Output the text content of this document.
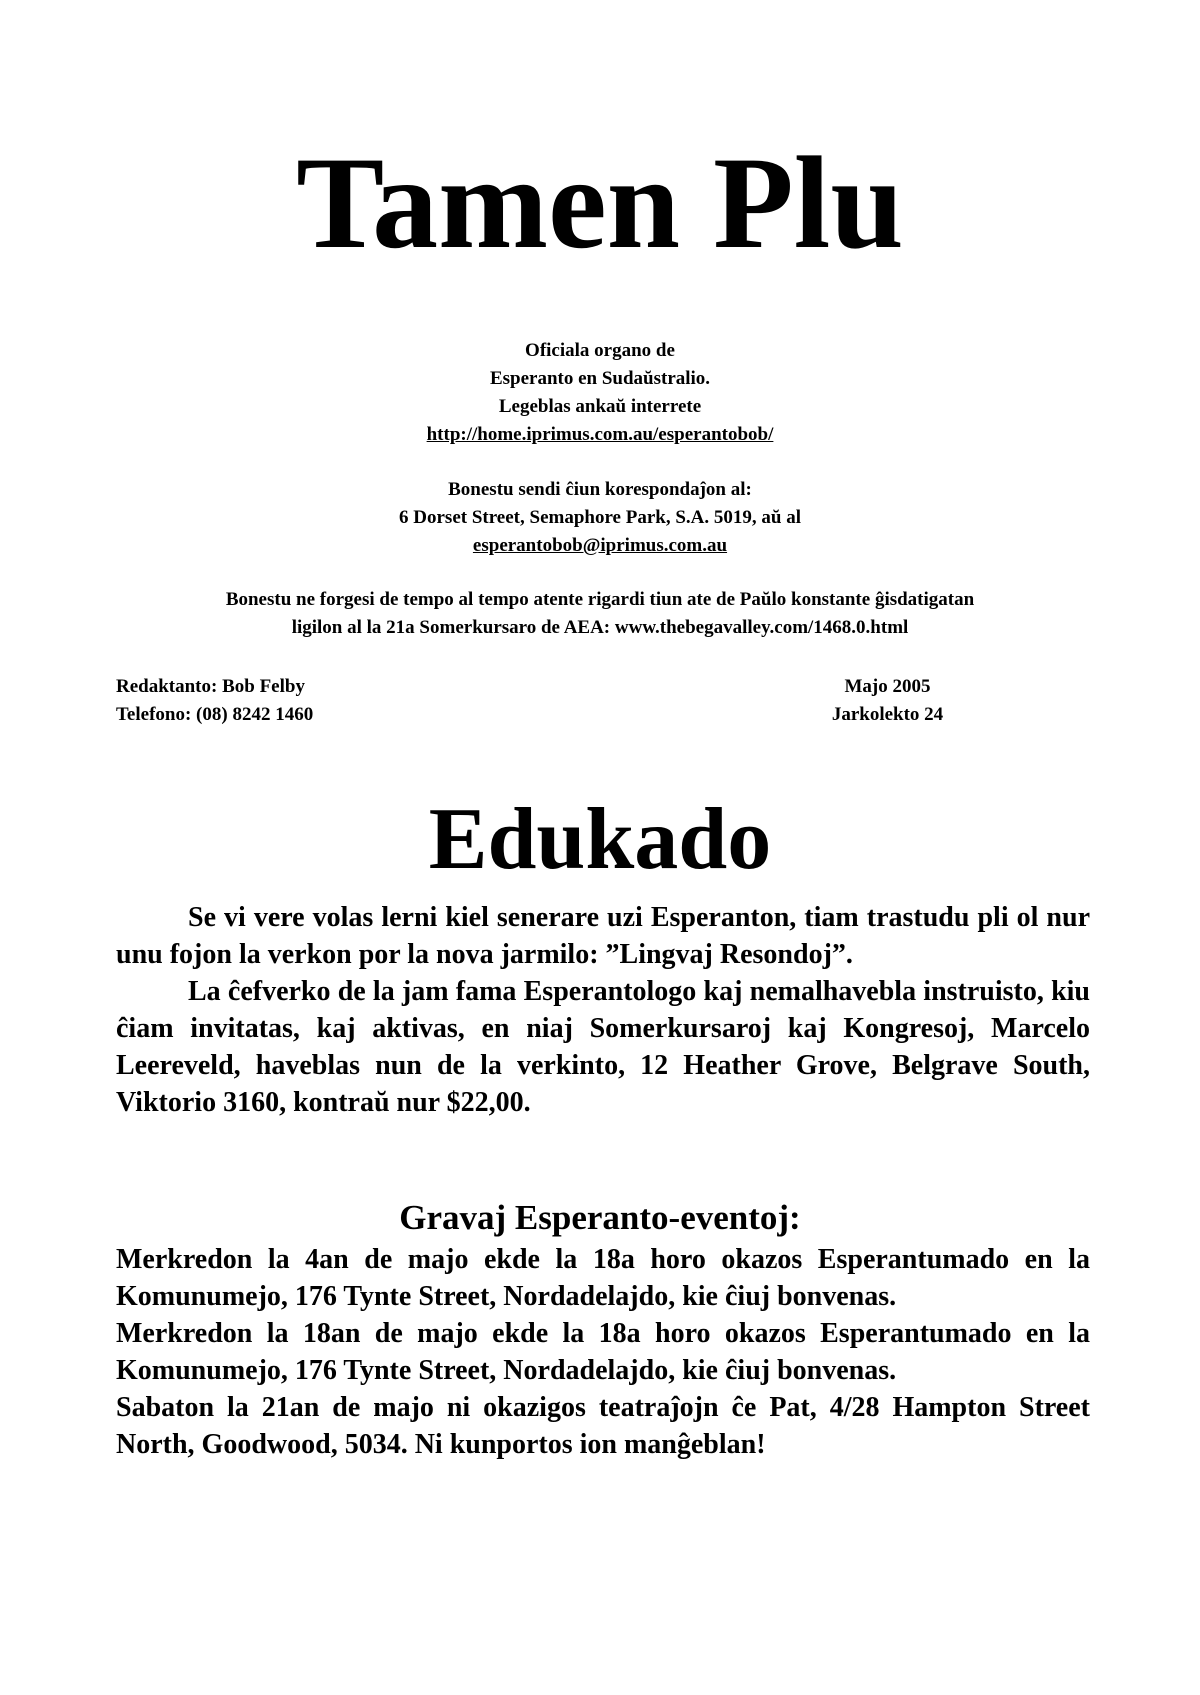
Tamen Plu

Oficiala organo de

Esperanto en Sudaŭstralio.

Legeblas ankaŭ interrete

http://home.iprimus.com.au/esperantobob/

Bonestu sendi ĉiun korespondaĵon al:

6 Dorset Street, Semaphore Park, S.A. 5019, aŭ al

esperantobob@iprimus.com.au

Bonestu ne forgesi de tempo al tempo atente rigardi tiun ate de Paŭlo konstante ĝisdatigatan

ligilon al la 21a Somerkursaro de AEA: www.thebegavalley.com/1468.0.html

Redaktanto: Bob Felby
Telefono: (08) 8242 1460
Majo 2005
Jarkolekto 24
Edukado

Se vi vere volas lerni kiel senerare uzi Esperanton, tiam trastudu pli ol nur unu fojon la verkon por la nova jarmilo: ”Lingvaj Resondoj”.

La ĉefverko de la jam fama Esperantologo kaj nemalhavebla instruisto, kiu ĉiam invitatas, kaj aktivas, en niaj Somerkursaroj kaj Kongresoj, Marcelo Leereveld, haveblas nun de la verkinto, 12 Heather Grove, Belgrave South, Viktorio 3160, kontraŭ nur $22,00.

Gravaj Esperanto-eventoj:

Merkredon la 4an de majo ekde la 18a horo okazos Esperantumado en la Komunumejo, 176 Tynte Street, Nordadelajdo, kie ĉiuj bonvenas.

Merkredon la 18an de majo ekde la 18a horo okazos Esperantumado en la Komunumejo, 176 Tynte Street, Nordadelajdo, kie ĉiuj bonvenas.

Sabaton la 21an de majo ni okazigos teatraĵojn ĉe Pat, 4/28 Hampton Street North, Goodwood, 5034. Ni kunportos ion manĝeblan!
